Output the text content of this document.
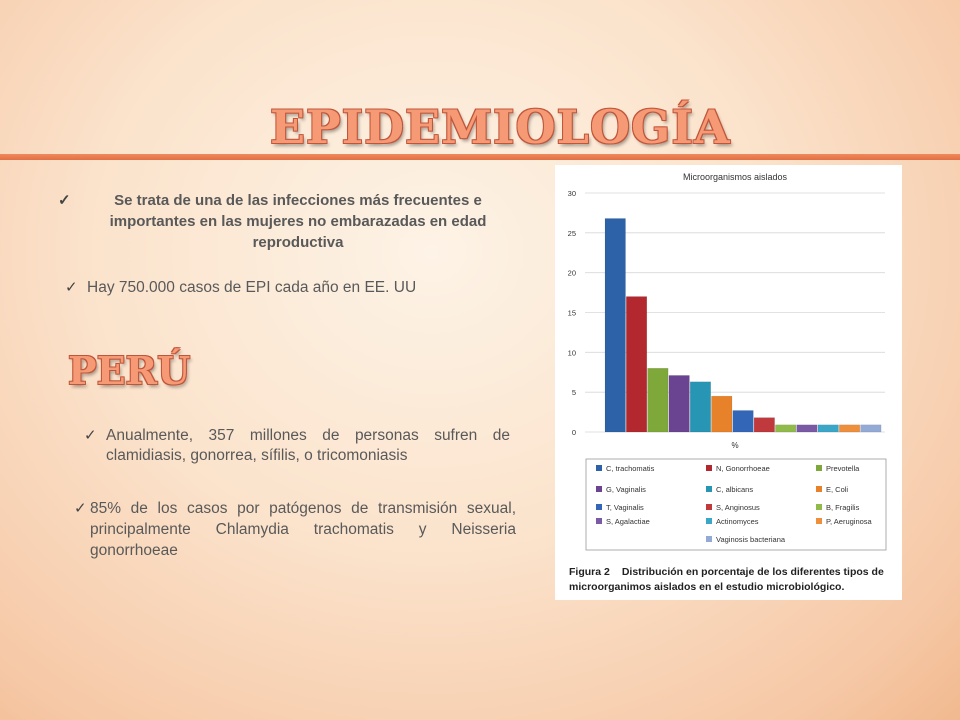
EPIDEMIOLOGÍA
✓	Se trata de una de las infecciones más frecuentes e importantes en las mujeres no embarazadas en edad reproductiva
✓ Hay 750.000 casos de EPI cada año en EE. UU
PERÚ
✓ Anualmente, 357 millones de personas sufren de clamidiasis, gonorrea, sífilis, o tricomoniasis
✓ 85% de los casos por patógenos de transmisión sexual, principalmente Chlamydia trachomatis y Neisseria gonorrhoeae
Microorganismos aislados
0
5
10
15
20
25
30
%
C, trachomatis	N, Gonorrhoeae	Prevotella
G, Vaginalis	C, albicans	E, Coli
T, Vaginalis	S, Anginosus	B, Fragilis
S, Agalactiae	Actinomyces	P, Aeruginosa
Vaginosis bacteriana
Figura 2 Distribución en porcentaje de los diferentes tipos de microorganimos aislados en el estudio microbiológico.
